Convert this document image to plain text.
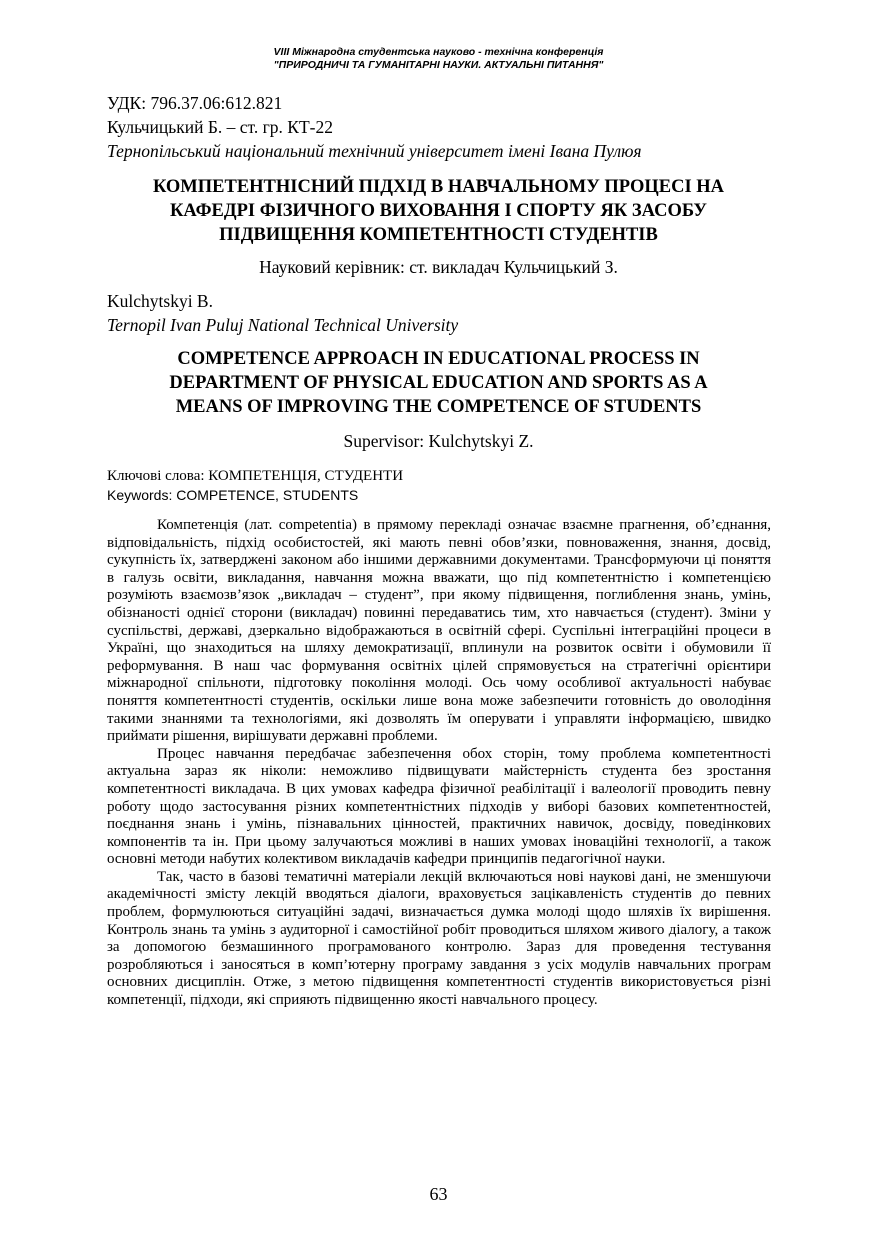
VIII Міжнародна студентська науково - технічна конференція
"ПРИРОДНИЧІ ТА ГУМАНІТАРНІ НАУКИ. АКТУАЛЬНІ ПИТАННЯ"
УДК: 796.37.06:612.821
Кульчицький Б. – ст. гр. КТ-22
Тернопільський національний технічний університет імені Івана Пулюя
КОМПЕТЕНТНІСНИЙ ПІДХІД В НАВЧАЛЬНОМУ ПРОЦЕСІ НА
КАФЕДРІ ФІЗИЧНОГО ВИХОВАННЯ І СПОРТУ ЯК ЗАСОБУ
ПІДВИЩЕННЯ КОМПЕТЕНТНОСТІ СТУДЕНТІВ
Науковий керівник: ст. викладач Кульчицький З.
Kulchytskyi B.
Ternopil Ivan Puluj National Technical University
COMPETENCE APPROACH IN EDUCATIONAL PROCESS IN
DEPARTMENT OF PHYSICAL EDUCATION AND SPORTS AS A
MEANS OF IMPROVING THE COMPETENCE OF STUDENTS
Supervisor: Kulchytskyi Z.
Ключові слова: КОМПЕТЕНЦІЯ, СТУДЕНТИ
Keywords: COMPETENCE, STUDENTS

Компетенція (лат. competentia) в прямому перекладі означає взаємне прагнення, об’єднання, відповідальність, підхід особистостей, які мають певні обов’язки, повноваження, знання, досвід, сукупність їх, затверджені законом або іншими державними документами. Трансформуючи ці поняття в галузь освіти, викладання, навчання можна вважати, що під компетентністю і компетенцією розуміють взаємозв’язок „викладач – студент”, при якому підвищення, поглиблення знань, умінь, обізнаності однієї сторони (викладач) повинні передаватись тим, хто навчається (студент). Зміни у суспільстві, державі, дзеркально відображаються в освітній сфері. Суспільні інтеграційні процеси в Україні, що знаходиться на шляху демократизації, вплинули на розвиток освіти і обумовили її реформування. В наш час формування освітніх цілей спрямовується на стратегічні орієнтири міжнародної спільноти, підготовку покоління молоді. Ось чому особливої актуальності набуває поняття компетентності студентів, оскільки лише вона може забезпечити готовність до оволодіння такими знаннями та технологіями, які дозволять їм оперувати і управляти інформацією, швидко приймати рішення, вирішувати державні проблеми.

Процес навчання передбачає забезпечення обох сторін, тому проблема компетентності актуальна зараз як ніколи: неможливо підвищувати майстерність студента без зростання компетентності викладача. В цих умовах кафедра фізичної реабілітації і валеології проводить певну роботу щодо застосування різних компетентністних підходів у виборі базових компетентностей, поєднання знань і умінь, пізнавальних цінностей, практичних навичок, досвіду, поведінкових компонентів та ін. При цьому залучаються можливі в наших умовах іноваційні технології, а також основні методи набутих колективом викладачів кафедри принципів педагогічної науки.

Так, часто в базові тематичні матеріали лекцій включаються нові наукові дані, не зменшуючи академічності змісту лекцій вводяться діалоги, враховується зацікавленість студентів до певних проблем, формулюються ситуаційні задачі, визначається думка молоді щодо шляхів їх вирішення. Контроль знань та умінь з аудиторної і самостійної робіт проводиться шляхом живого діалогу, а також за допомогою безмашинного програмованого контролю. Зараз для проведення тестування розробляються і заносяться в комп’ютерну програму завдання з усіх модулів навчальних програм основних дисциплін. Отже, з метою підвищення компетентності студентів використовується різні компетенції, підходи, які сприяють підвищенню якості навчального процесу.

63
